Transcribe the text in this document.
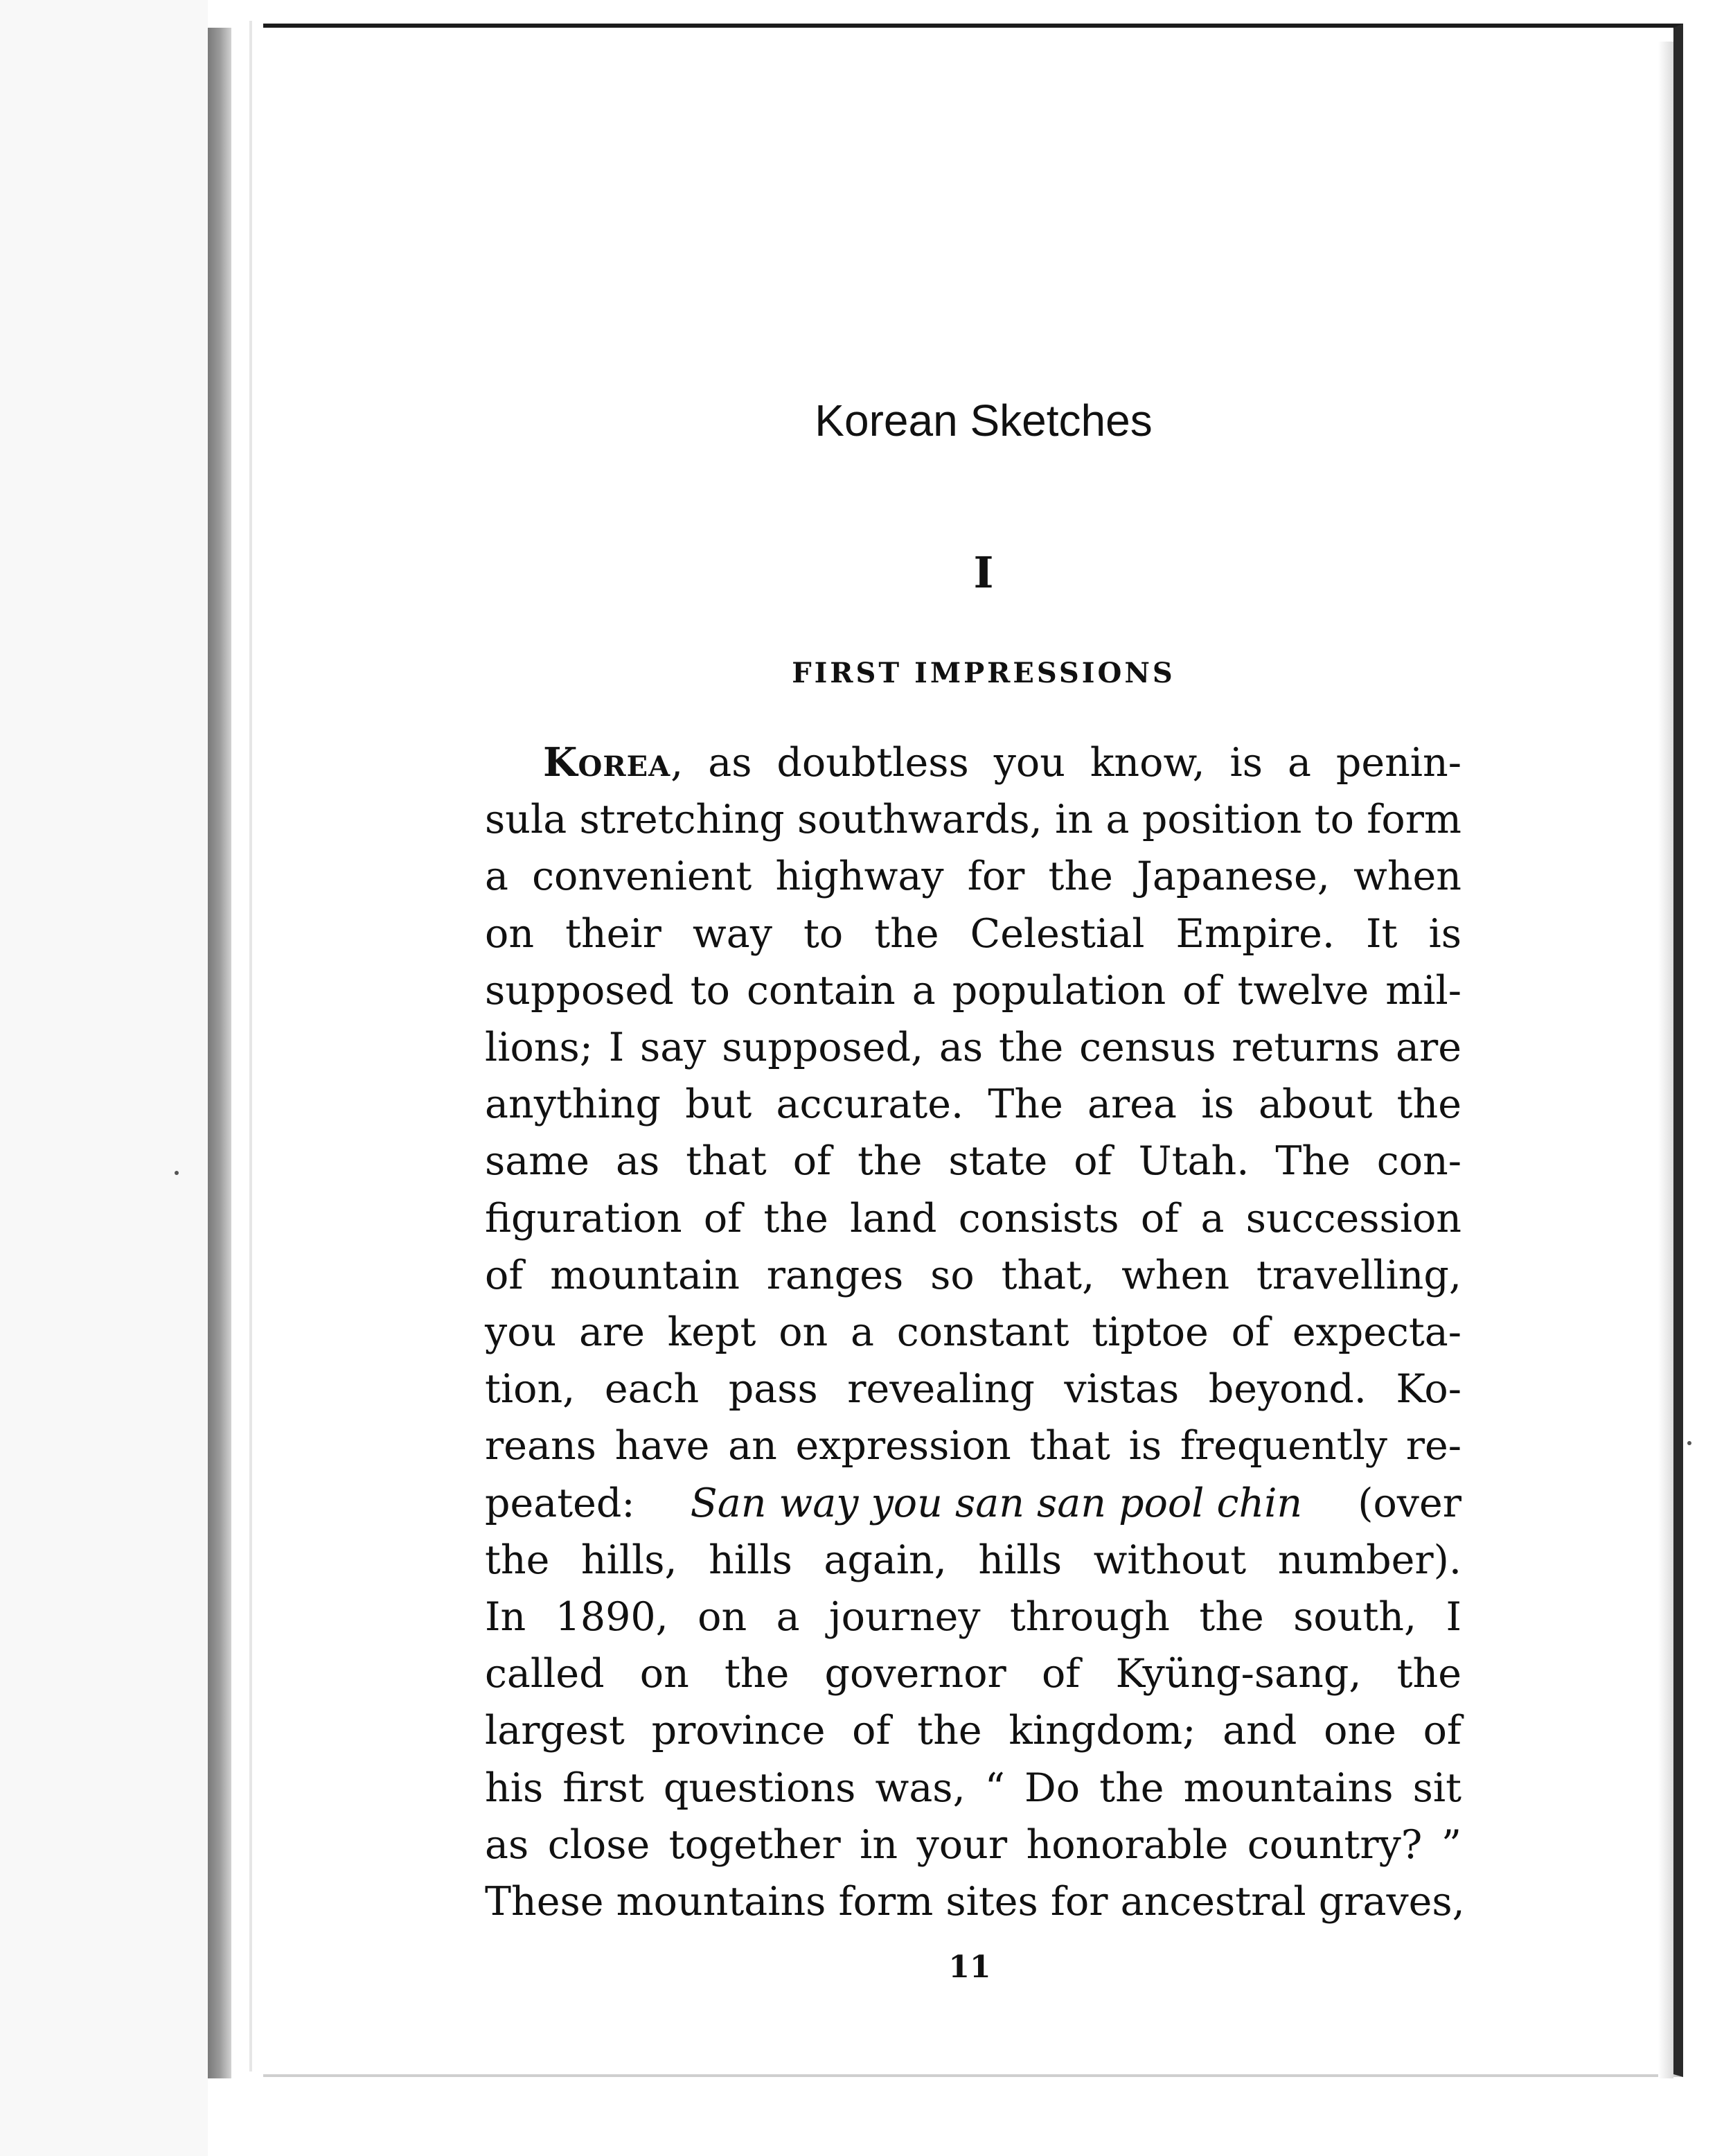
Korean Sketches
I
FIRST IMPRESSIONS
Korea, as doubtless you know, is a penin-
sula stretching southwards, in a position to form
a convenient highway for the Japanese, when
on their way to the Celestial Empire. It is
supposed to contain a population of twelve mil-
lions; I say supposed, as the census returns are
anything but accurate. The area is about the
same as that of the state of Utah. The con-
figuration of the land consists of a succession
of mountain ranges so that, when travelling,
you are kept on a constant tiptoe of expecta-
tion, each pass revealing vistas beyond. Ko-
reans have an expression that is frequently re-
peated: San way you san san pool chin (over
the hills, hills again, hills without number).
In 1890, on a journey through the south, I
called on the governor of Kyüng-sang, the
largest province of the kingdom; and one of
his first questions was, “ Do the mountains sit
as close together in your honorable country? ”
These mountains form sites for ancestral graves,
11
